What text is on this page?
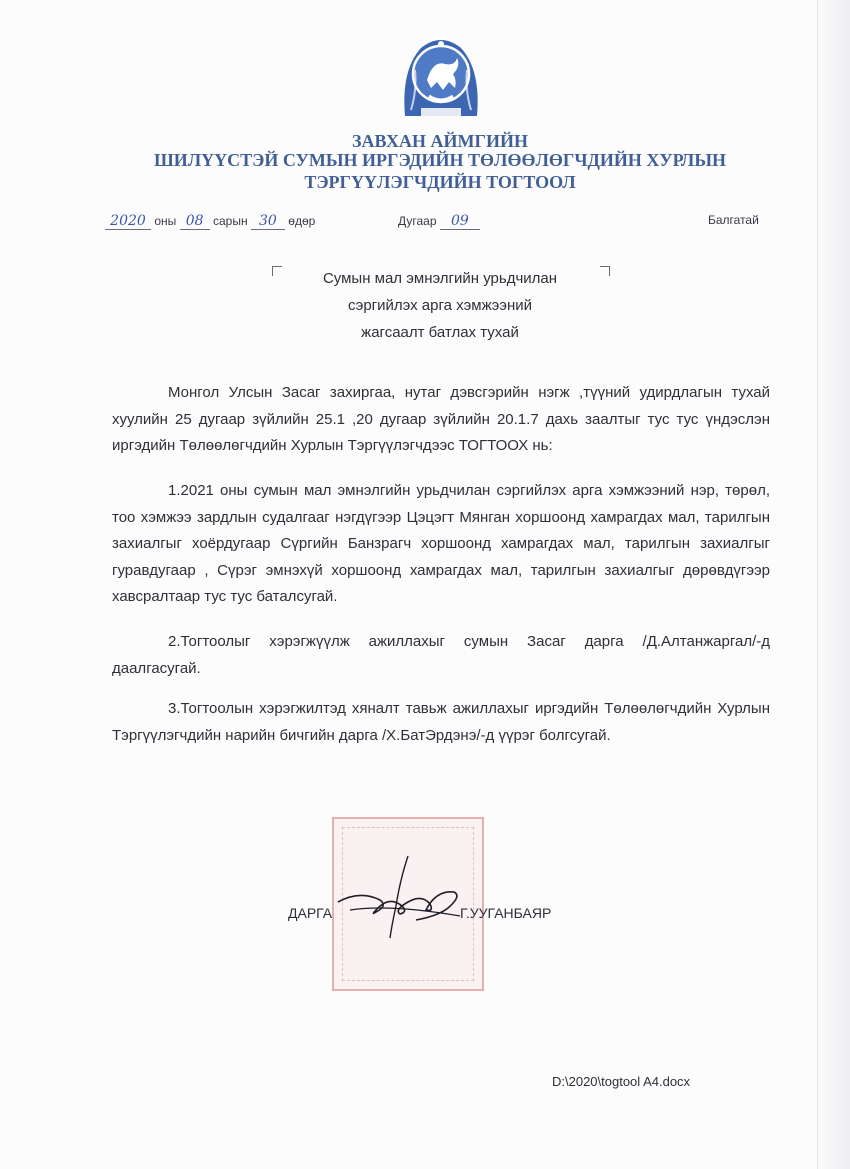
ЗАВХАН АЙМГИЙН
ШИЛҮҮСТЭЙ СУМЫН ИРГЭДИЙН ТӨЛӨӨЛӨГЧДИЙН ХУРЛЫН
ТЭРГҮҮЛЭГЧДИЙН ТОГТООЛ
2020 оны 08 сарын 30 өдөр	Дугаар 09	Балгатай
Сумын мал эмнэлгийн урьдчилан
сэргийлэх арга хэмжээний
жагсаалт батлах тухай

Монгол Улсын Засаг захиргаа, нутаг дэвсгэрийн нэгж ,түүний удирдлагын тухай хуулийн 25 дугаар зүйлийн 25.1 ,20 дугаар зүйлийн 20.1.7 дахь заалтыг тус тус үндэслэн иргэдийн Төлөөлөгчдийн Хурлын Тэргүүлэгчдээс ТОГТООХ нь:

1.2021 оны сумын мал эмнэлгийн урьдчилан сэргийлэх арга хэмжээний нэр, төрөл, тоо хэмжээ зардлын судалгааг нэгдүгээр Цэцэгт Мянган хоршоонд хамрагдах мал, тарилгын захиалгыг хоёрдугаар Сүргийн Банзрагч хоршоонд хамрагдах мал, тарилгын захиалгыг гуравдугаар , Сүрэг эмнэхүй хоршоонд хамрагдах мал, тарилгын захиалгыг дөрөвдүгээр хавсралтаар тус тус баталсугай.

2.Тогтоолыг хэрэгжүүлж ажиллахыг сумын Засаг дарга /Д.Алтанжаргал/-д даалгасугай.

3.Тогтоолын хэрэгжилтэд хяналт тавьж ажиллахыг иргэдийн Төлөөлөгчдийн Хурлын Тэргүүлэгчдийн нарийн бичгийн дарга /Х.БатЭрдэнэ/-д үүрэг болгсугай.

ДАРГА	Г.УУГАНБАЯР
D:\2020\togtool A4.docx
